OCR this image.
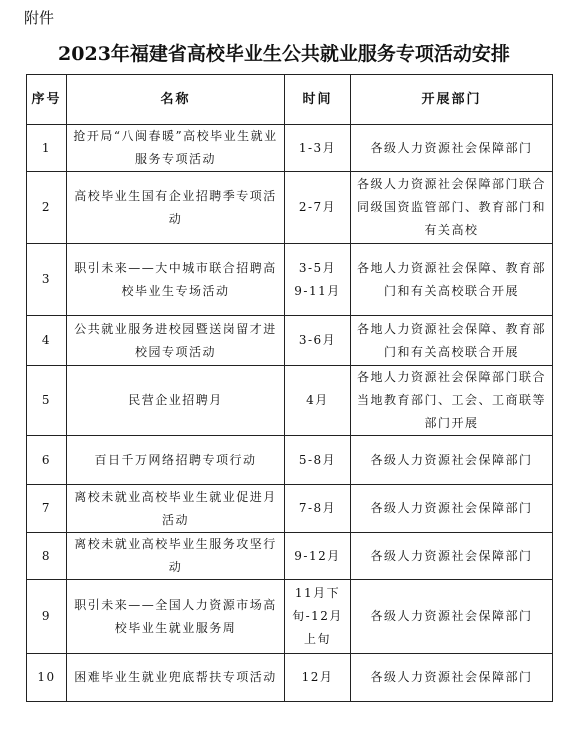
附件
2023年福建省高校毕业生公共就业服务专项活动安排
序号	名称	时间	开展部门
1	抢开局“八闽春暖”高校毕业生就业服务专项活动	1-3月	各级人力资源社会保障部门
2	高校毕业生国有企业招聘季专项活动	2-7月	各级人力资源社会保障部门联合同级国资监管部门、教育部门和有关高校
3	职引未来——大中城市联合招聘高校毕业生专场活动	3-5月 9-11月	各地人力资源社会保障、教育部门和有关高校联合开展
4	公共就业服务进校园暨送岗留才进校园专项活动	3-6月	各地人力资源社会保障、教育部门和有关高校联合开展
5	民营企业招聘月	4月	各地人力资源社会保障部门联合当地教育部门、工会、工商联等部门开展
6	百日千万网络招聘专项行动	5-8月	各级人力资源社会保障部门
7	离校未就业高校毕业生就业促进月活动	7-8月	各级人力资源社会保障部门
8	离校未就业高校毕业生服务攻坚行动	9-12月	各级人力资源社会保障部门
9	职引未来——全国人力资源市场高校毕业生就业服务周	11月下旬-12月上旬	各级人力资源社会保障部门
10	困难毕业生就业兜底帮扶专项活动	12月	各级人力资源社会保障部门
